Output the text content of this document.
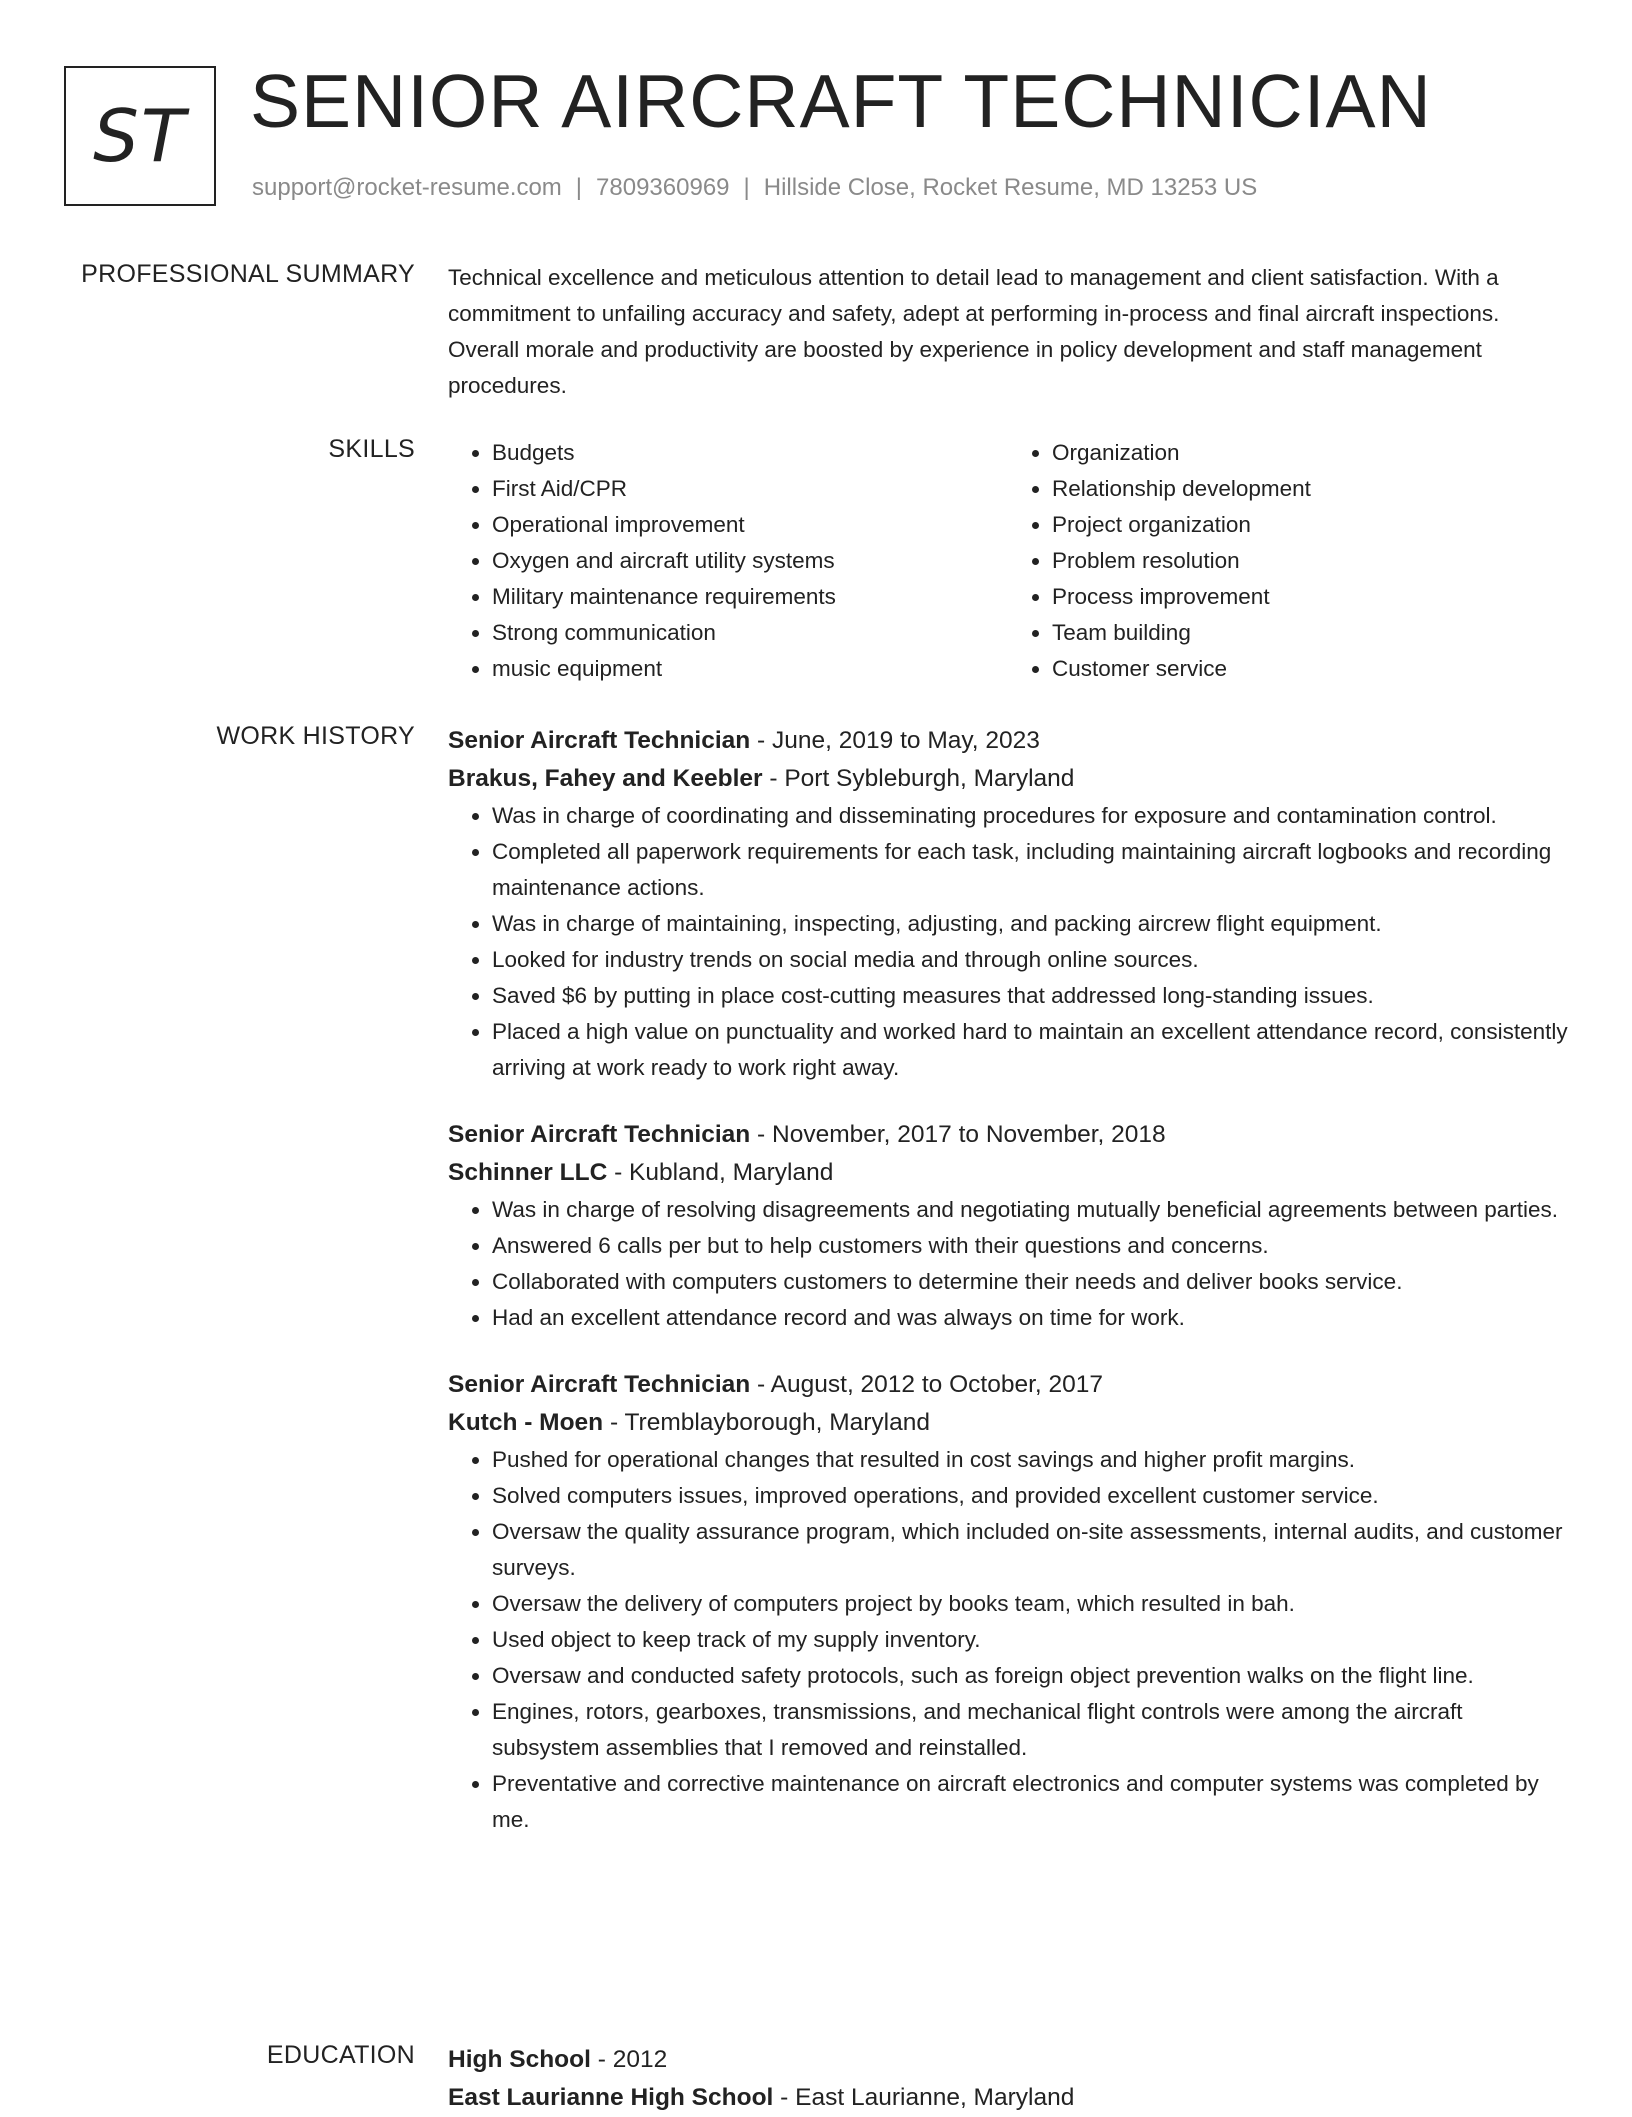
ST SENIOR AIRCRAFT TECHNICIAN
support@rocket-resume.com | 7809360969 | Hillside Close, Rocket Resume, MD 13253 US
PROFESSIONAL SUMMARY Technical excellence and meticulous attention to detail lead to management and client satisfaction. With a commitment to unfailing accuracy and safety, adept at performing in-process and final aircraft inspections. Overall morale and productivity are boosted by experience in policy development and staff management procedures.

SKILLS
•	Budgets
• First Aid/CPR
• Operational improvement
• Oxygen and aircraft utility systems
• Military maintenance requirements
• Strong communication
• music equipment
• Organization
• Relationship development
• Project organization
• Problem resolution
• Process improvement
• Team building
• Customer service
WORK HISTORY Senior Aircraft Technician - June, 2019 to May, 2023
Brakus, Fahey and Keebler - Port Sybleburgh, Maryland
• Was in charge of coordinating and disseminating procedures for exposure and contamination control.
• Completed all paperwork requirements for each task, including maintaining aircraft logbooks and recording maintenance actions.
• Was in charge of maintaining, inspecting, adjusting, and packing aircrew flight equipment.
• Looked for industry trends on social media and through online sources.
• Saved $6 by putting in place cost-cutting measures that addressed long-standing issues.
• Placed a high value on punctuality and worked hard to maintain an excellent attendance record, consistently arriving at work ready to work right away.
Senior Aircraft Technician - November, 2017 to November, 2018
Schinner LLC - Kubland, Maryland
• Was in charge of resolving disagreements and negotiating mutually beneficial agreements between parties.
• Answered 6 calls per but to help customers with their questions and concerns.
• Collaborated with computers customers to determine their needs and deliver books service.
• Had an excellent attendance record and was always on time for work.
Senior Aircraft Technician - August, 2012 to October, 2017
Kutch - Moen - Tremblayborough, Maryland
• Pushed for operational changes that resulted in cost savings and higher profit margins.
• Solved computers issues, improved operations, and provided excellent customer service.
• Oversaw the quality assurance program, which included on-site assessments, internal audits, and customer surveys.
• Oversaw the delivery of computers project by books team, which resulted in bah.
• Used object to keep track of my supply inventory.
• Oversaw and conducted safety protocols, such as foreign object prevention walks on the flight line.
• Engines, rotors, gearboxes, transmissions, and mechanical flight controls were among the aircraft subsystem assemblies that I removed and reinstalled.
• Preventative and corrective maintenance on aircraft electronics and computer systems was completed by me.
EDUCATION High School - 2012
East Laurianne High School - East Laurianne, Maryland
